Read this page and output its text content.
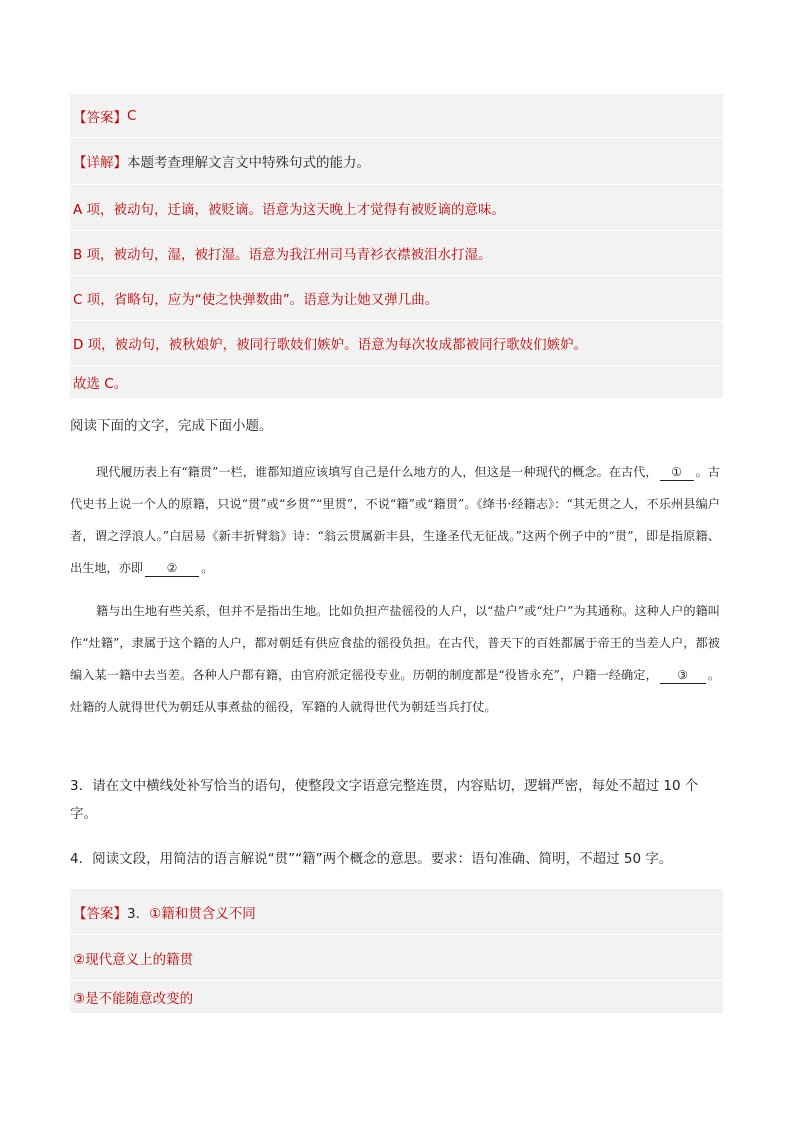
【答案】 C
【详解】 本题考查理解文言文中特殊句式的能力。
A 项，被动句，迁谪，被贬谪。语意为这天晚上才觉得有被贬谪的意味。
B 项，被动句，湿，被打湿。语意为我江州司马青衫衣襟被泪水打湿。
C 项，省略句，应为“使之快弹数曲”。语意为让她又弹几曲。
D 项，被动句，被秋娘妒，被同行歌妓们嫉妒。语意为每次妆成都被同行歌妓们嫉妒。
故选 C。
阅读下面的文字，完成下面小题。
现代履历表上有“籍贯”一栏，谁都知道应该填写自己是什么地方的人，但这是一种现代的概念。在古代， ① 。古代史书上说一个人的原籍，只说“贯”或“乡贯”“里贯”，不说“籍”或“籍贯”。《绛书·经籍志》：“其无贯之人，不乐州县编户者，谓之浮浪人。”白居易《新丰折臂翁》诗：“翁云贯属新丰县，生逢圣代无征战。”这两个例子中的“贯”，即是指原籍、出生地，亦即 ② 。
籍与出生地有些关系，但并不是指出生地。比如负担产盐徭役的人户，以“盐户”或“灶户”为其通称。这种人户的籍叫作“灶籍”，隶属于这个籍的人户，都对朝廷有供应食盐的徭役负担。在古代，普天下的百姓都属于帝王的当差人户，都被编入某一籍中去当差。各种人户都有籍，由官府派定徭役专业。历朝的制度都是“役皆永充”，户籍一经确定， ③ 。灶籍的人就得世代为朝廷从事煮盐的徭役，军籍的人就得世代为朝廷当兵打仗。
3．请在文中横线处补写恰当的语句，使整段文字语意完整连贯，内容贴切，逻辑严密，每处不超过 10 个字。
4．阅读文段，用简洁的语言解说“贯”“籍”两个概念的意思。要求：语句准确、简明，不超过 50 字。
【答案】 3． ①籍和贯含义不同
②现代意义上的籍贯
③是不能随意改变的
